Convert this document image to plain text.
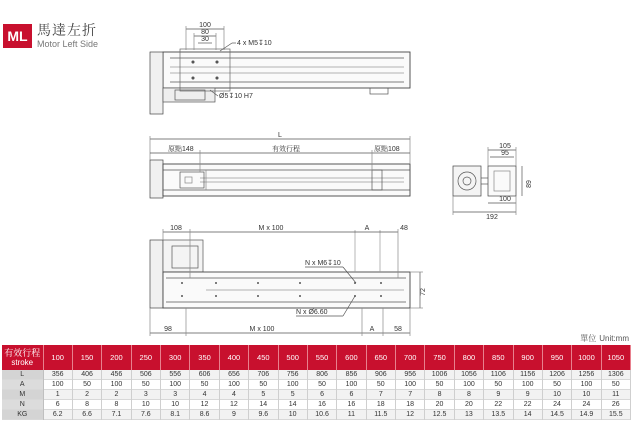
ML 馬達左折
Motor Left Side
100
80
30
4 x M5↧10
Ø5↧10 H7
L
原點148	有效行程	原點108	105
95
89
100
192
108	M x 100	A	48
N x M6↧10
N x Ø6.60
72
98	M x 100	A	58
單位 Unit:mm
有效行程
stroke	100	150	200	250	300	350	400	450	500	550	600	650	700	750	800	850	900	950	1000	1050
L	356	406	456	506	556	606	656	706	756	806	856	906	956	1006	1056	1106	1156	1206	1256	1306
A	100	50	100	50	100	50	100	50	100	50	100	50	100	50	100	50	100	50	100	50
M	1	2	2	3	3	4	4	5	5	6	6	7	7	8	8	9	9	10	10	11
N	6	8	8	10	10	12	12	14	14	16	16	18	18	20	20	22	22	24	24	26
KG	6.2	6.6	7.1	7.6	8.1	8.6	9	9.6	10	10.6	11	11.5	12	12.5	13	13.5	14	14.5	14.9	15.5
